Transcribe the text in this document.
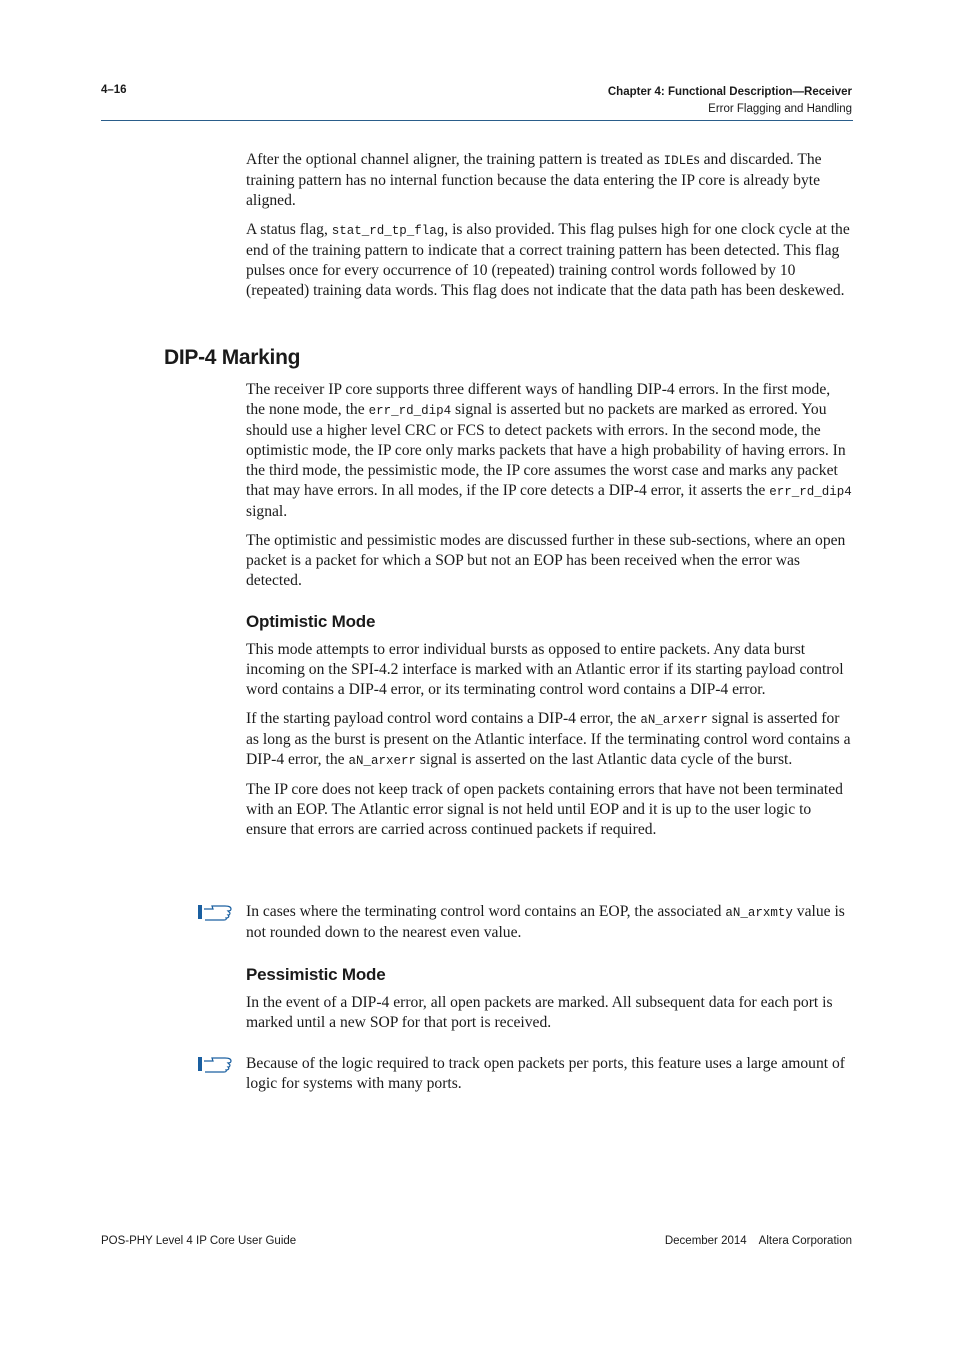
4–16	Chapter 4: Functional Description—Receiver
Error Flagging and Handling

After the optional channel aligner, the training pattern is treated as IDLEs and discarded. The training pattern has no internal function because the data entering the IP core is already byte aligned.

A status flag, stat_rd_tp_flag, is also provided. This flag pulses high for one clock cycle at the end of the training pattern to indicate that a correct training pattern has been detected. This flag pulses once for every occurrence of 10 (repeated) training control words followed by 10 (repeated) training data words. This flag does not indicate that the data path has been deskewed.

DIP-4 Marking

The receiver IP core supports three different ways of handling DIP-4 errors. In the first mode, the none mode, the err_rd_dip4 signal is asserted but no packets are marked as errored. You should use a higher level CRC or FCS to detect packets with errors. In the second mode, the optimistic mode, the IP core only marks packets that have a high probability of having errors. In the third mode, the pessimistic mode, the IP core assumes the worst case and marks any packet that may have errors. In all modes, if the IP core detects a DIP-4 error, it asserts the err_rd_dip4 signal.

The optimistic and pessimistic modes are discussed further in these sub-sections, where an open packet is a packet for which a SOP but not an EOP has been received when the error was detected.

Optimistic Mode

This mode attempts to error individual bursts as opposed to entire packets. Any data burst incoming on the SPI-4.2 interface is marked with an Atlantic error if its starting payload control word contains a DIP-4 error, or its terminating control word contains a DIP-4 error.

If the starting payload control word contains a DIP-4 error, the aN_arxerr signal is asserted for as long as the burst is present on the Atlantic interface. If the terminating control word contains a DIP-4 error, the aN_arxerr signal is asserted on the last Atlantic data cycle of the burst.

The IP core does not keep track of open packets containing errors that have not been terminated with an EOP. The Atlantic error signal is not held until EOP and it is up to the user logic to ensure that errors are carried across continued packets if required.

In cases where the terminating control word contains an EOP, the associated aN_arxmty value is not rounded down to the nearest even value.

Pessimistic Mode

In the event of a DIP-4 error, all open packets are marked. All subsequent data for each port is marked until a new SOP for that port is received.

Because of the logic required to track open packets per ports, this feature uses a large amount of logic for systems with many ports.

POS-PHY Level 4 IP Core User Guide	December 2014 Altera Corporation
